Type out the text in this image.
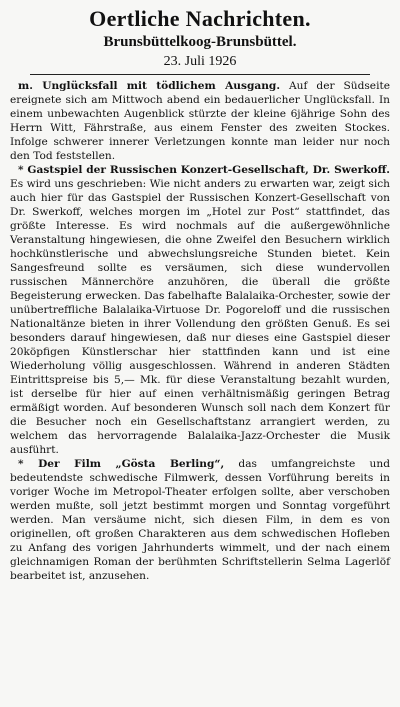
Oertliche Nachrichten.
Brunsbüttelkoog-Brunsbüttel.
23. Juli 1926

m. Unglücksfall mit tödlichem Ausgang. Auf der Südseite ereignete sich am Mittwoch abend ein bedauerlicher Unglücksfall. In einem unbewachten Augenblick stürzte der kleine 6jährige Sohn des Herrn Witt, Fährstraße, aus einem Fenster des zweiten Stockes. Infolge schwerer innerer Verletzungen konnte man leider nur noch den Tod feststellen.

* Gastspiel der Russischen Konzert-Gesellschaft, Dr. Swerkoff. Es wird uns geschrieben: Wie nicht anders zu erwarten war, zeigt sich auch hier für das Gastspiel der Russischen Konzert-Gesellschaft von Dr. Swerkoff, welches morgen im „Hotel zur Post“ stattfindet, das größte Interesse. Es wird nochmals auf die außergewöhnliche Veranstaltung hingewiesen, die ohne Zweifel den Besuchern wirklich hochkünstlerische und abwechslungsreiche Stunden bietet. Kein Sangesfreund sollte es versäumen, sich diese wundervollen russischen Männerchöre anzuhören, die überall die größte Begeisterung erwecken. Das fabelhafte Balalaika-Orchester, sowie der unübertreffliche Balalaika-Virtuose Dr. Pogoreloff und die russischen Nationaltänze bieten in ihrer Vollendung den größten Genuß. Es sei besonders darauf hingewiesen, daß nur dieses eine Gastspiel dieser 20köpfigen Künstlerschar hier stattfinden kann und ist eine Wiederholung völlig ausgeschlossen. Während in anderen Städten Eintrittspreise bis 5,— Mk. für diese Veranstaltung bezahlt wurden, ist derselbe für hier auf einen verhältnismäßig geringen Betrag ermäßigt worden. Auf besonderen Wunsch soll nach dem Konzert für die Besucher noch ein Gesellschaftstanz arrangiert werden, zu welchem das hervorragende Balalaika-Jazz-Orchester die Musik ausführt.

* Der Film „Gösta Berling“, das umfangreichste und bedeutendste schwedische Filmwerk, dessen Vorführung bereits in voriger Woche im Metropol-Theater erfolgen sollte, aber verschoben werden mußte, soll jetzt bestimmt morgen und Sonntag vorgeführt werden. Man versäume nicht, sich diesen Film, in dem es von originellen, oft großen Charakteren aus dem schwedischen Hofleben zu Anfang des vorigen Jahrhunderts wimmelt, und der nach einem gleichnamigen Roman der berühmten Schriftstellerin Selma Lagerlöf bearbeitet ist, anzusehen.
